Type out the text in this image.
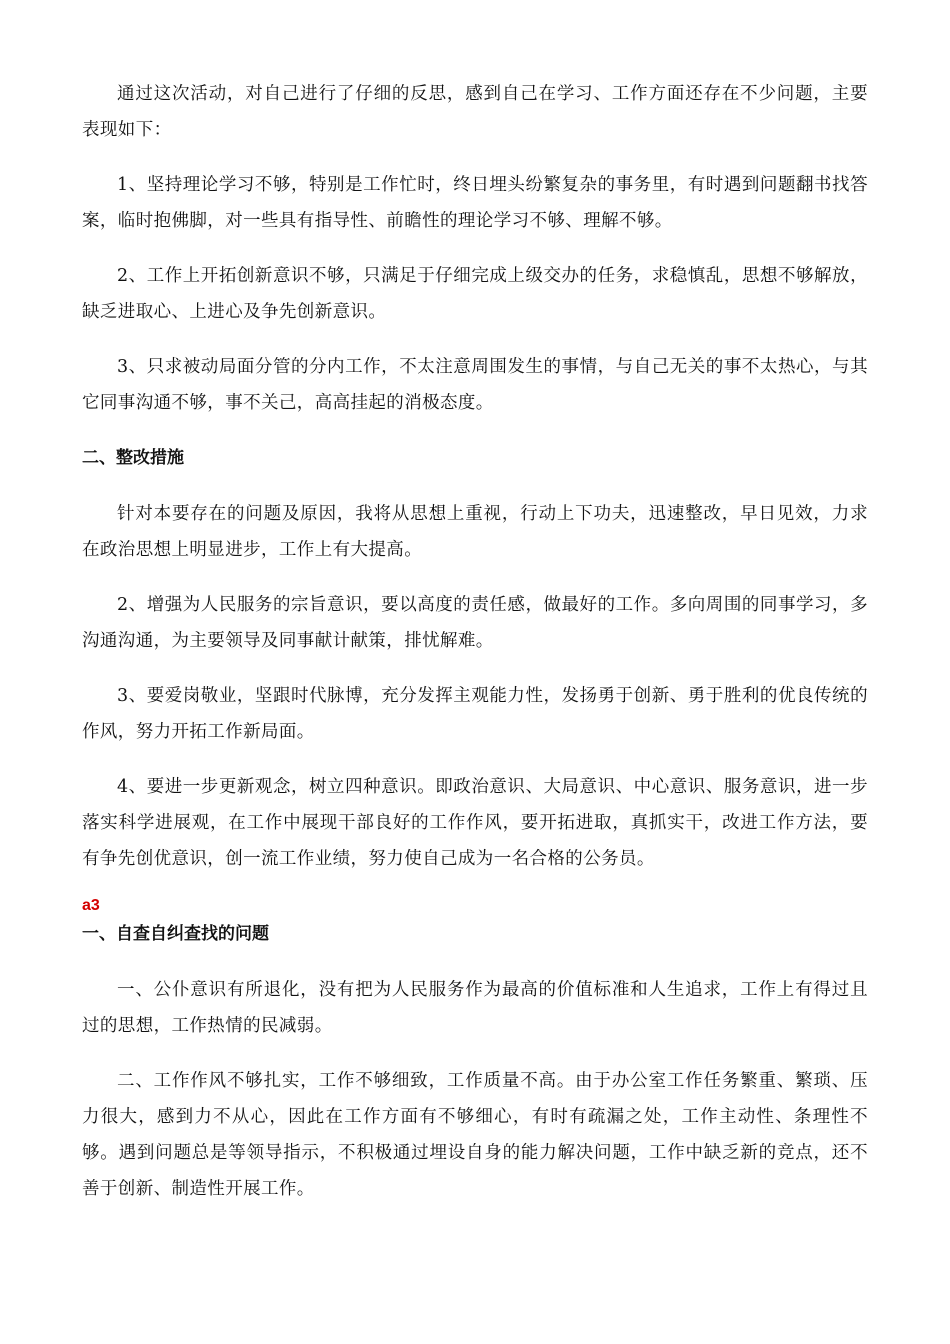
通过这次活动，对自己进行了仔细的反思，感到自己在学习、工作方面还存在不少问题，主要表现如下：

1、坚持理论学习不够，特别是工作忙时，终日埋头纷繁复杂的事务里，有时遇到问题翻书找答案，临时抱佛脚，对一些具有指导性、前瞻性的理论学习不够、理解不够。

2、工作上开拓创新意识不够，只满足于仔细完成上级交办的任务，求稳慎乱，思想不够解放，缺乏进取心、上进心及争先创新意识。

3、只求被动局面分管的分内工作，不太注意周围发生的事情，与自己无关的事不太热心，与其它同事沟通不够，事不关己，高高挂起的消极态度。

二、整改措施

针对本要存在的问题及原因，我将从思想上重视，行动上下功夫，迅速整改，早日见效，力求在政治思想上明显进步，工作上有大提高。

2、增强为人民服务的宗旨意识，要以高度的责任感，做最好的工作。多向周围的同事学习，多沟通沟通，为主要领导及同事献计献策，排忧解难。

3、要爱岗敬业，坚跟时代脉博，充分发挥主观能力性，发扬勇于创新、勇于胜利的优良传统的作风，努力开拓工作新局面。

4、要进一步更新观念，树立四种意识。即政治意识、大局意识、中心意识、服务意识，进一步落实科学进展观，在工作中展现干部良好的工作作风，要开拓进取，真抓实干，改进工作方法，要有争先创优意识，创一流工作业绩，努力使自己成为一名合格的公务员。

a3
一、自查自纠查找的问题

一、公仆意识有所退化，没有把为人民服务作为最高的价值标准和人生追求，工作上有得过且过的思想，工作热情的民减弱。

二、工作作风不够扎实，工作不够细致，工作质量不高。由于办公室工作任务繁重、繁琐、压力很大，感到力不从心，因此在工作方面有不够细心，有时有疏漏之处，工作主动性、条理性不够。遇到问题总是等领导指示，不积极通过埋设自身的能力解决问题，工作中缺乏新的竞点，还不善于创新、制造性开展工作。
